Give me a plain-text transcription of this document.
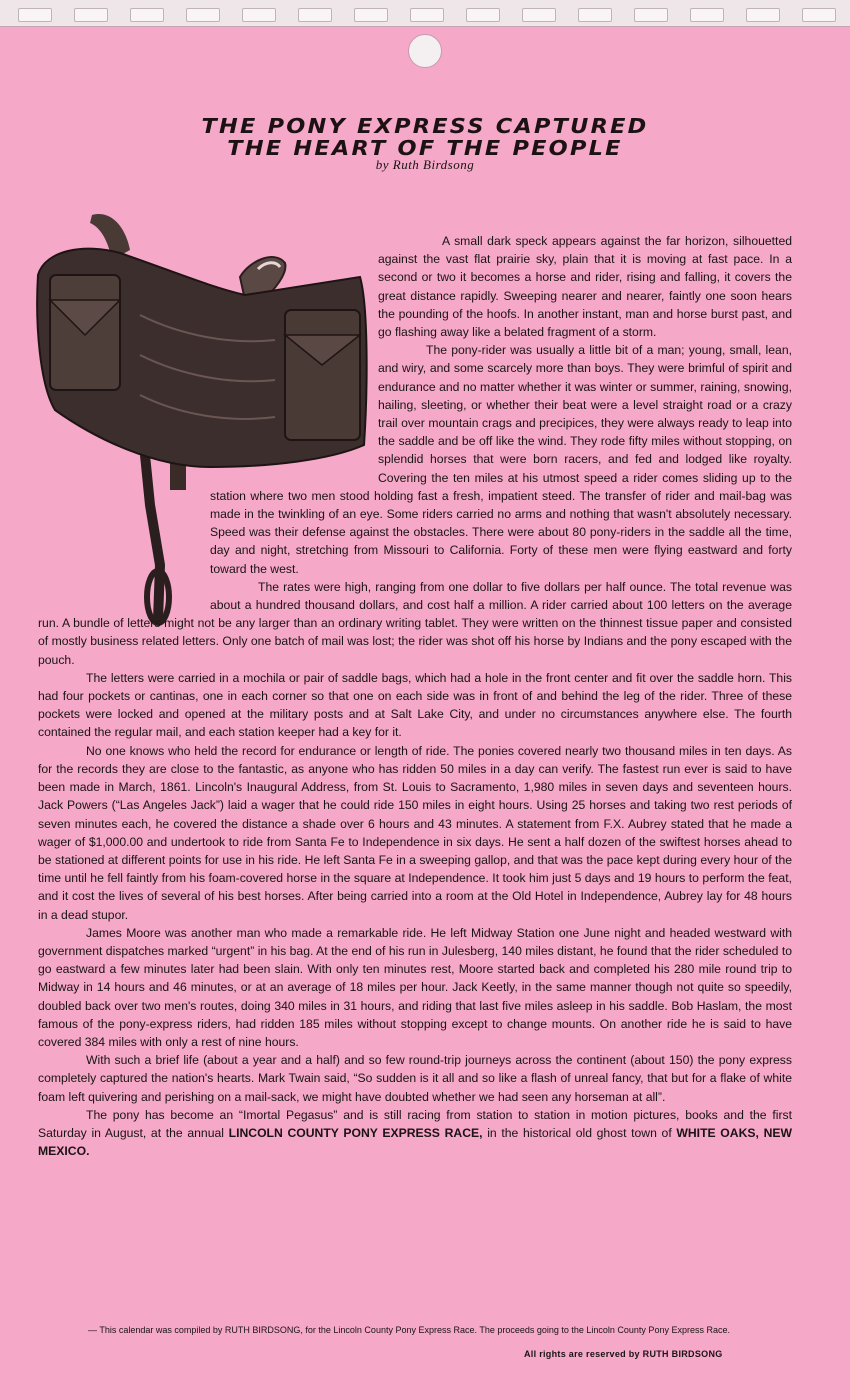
THE PONY EXPRESS CAPTURED
THE HEART OF THE PEOPLE
by Ruth Birdsong

A small dark speck appears against the far horizon, silhouetted against the vast flat prairie sky, plain that it is moving at fast pace. In a second or two it becomes a horse and rider, rising and falling, it covers the great distance rapidly. Sweeping nearer and nearer, faintly one soon hears the pounding of the hoofs. In another instant, man and horse burst past, and go flashing away like a belated fragment of a storm.

The pony-rider was usually a little bit of a man; young, small, lean, and wiry, and some scarcely more than boys. They were brimful of spirit and endurance and no matter whether it was winter or summer, raining, snowing, hailing, sleeting, or whether their beat were a level straight road or a crazy trail over mountain crags and precipices, they were always ready to leap into the saddle and be off like the wind. They rode fifty miles without stopping, on splendid horses that were born racers, and fed and lodged like royalty. Covering the ten miles at his utmost speed a rider comes sliding up to the station where two men stood holding fast a fresh, impatient steed. The transfer of rider and mail-bag was made in the twinkling of an eye. Some riders carried no arms and nothing that wasn't absolutely necessary. Speed was their defense against the obstacles. There were about 80 pony-riders in the saddle all the time, day and night, stretching from Missouri to California. Forty of these men were flying eastward and forty toward the west.

The rates were high, ranging from one dollar to five dollars per half ounce. The total revenue was about a hundred thousand dollars, and cost half a million. A rider carried about 100 letters on the average run. A bundle of letters might not be any larger than an ordinary writing tablet. They were written on the thinnest tissue paper and consisted of mostly business related letters. Only one batch of mail was lost; the rider was shot off his horse by Indians and the pony escaped with the pouch.

The letters were carried in a mochila or pair of saddle bags, which had a hole in the front center and fit over the saddle horn. This had four pockets or cantinas, one in each corner so that one on each side was in front of and behind the leg of the rider. Three of these pockets were locked and opened at the military posts and at Salt Lake City, and under no circumstances anywhere else. The fourth contained the regular mail, and each station keeper had a key for it.

No one knows who held the record for endurance or length of ride. The ponies covered nearly two thousand miles in ten days. As for the records they are close to the fantastic, as anyone who has ridden 50 miles in a day can verify. The fastest run ever is said to have been made in March, 1861. Lincoln's Inaugural Address, from St. Louis to Sacramento, 1,980 miles in seven days and seventeen hours. Jack Powers (“Las Angeles Jack”) laid a wager that he could ride 150 miles in eight hours. Using 25 horses and taking two rest periods of seven minutes each, he covered the distance a shade over 6 hours and 43 minutes. A statement from F.X. Aubrey stated that he made a wager of $1,000.00 and undertook to ride from Santa Fe to Independence in six days. He sent a half dozen of the swiftest horses ahead to be stationed at different points for use in his ride. He left Santa Fe in a sweeping gallop, and that was the pace kept during every hour of the time until he fell faintly from his foam-covered horse in the square at Independence. It took him just 5 days and 19 hours to perform the feat, and it cost the lives of several of his best horses. After being carried into a room at the Old Hotel in Independence, Aubrey lay for 48 hours in a dead stupor.

James Moore was another man who made a remarkable ride. He left Midway Station one June night and headed westward with government dispatches marked “urgent” in his bag. At the end of his run in Julesberg, 140 miles distant, he found that the rider scheduled to go eastward a few minutes later had been slain. With only ten minutes rest, Moore started back and completed his 280 mile round trip to Midway in 14 hours and 46 minutes, or at an average of 18 miles per hour. Jack Keetly, in the same manner though not quite so speedily, doubled back over two men's routes, doing 340 miles in 31 hours, and riding that last five miles asleep in his saddle. Bob Haslam, the most famous of the pony-express riders, had ridden 185 miles without stopping except to change mounts. On another ride he is said to have covered 384 miles with only a rest of nine hours.

With such a brief life (about a year and a half) and so few round-trip journeys across the continent (about 150) the pony express completely captured the nation's hearts. Mark Twain said, “So sudden is it all and so like a flash of unreal fancy, that but for a flake of white foam left quivering and perishing on a mail-sack, we might have doubted whether we had seen any horseman at all”.

The pony has become an “Imortal Pegasus” and is still racing from station to station in motion pictures, books and the first Saturday in August, at the annual LINCOLN COUNTY PONY EXPRESS RACE, in the historical old ghost town of WHITE OAKS, NEW MEXICO.

— This calendar was compiled by RUTH BIRDSONG, for the Lincoln County Pony Express Race. The proceeds going to the Lincoln County Pony Express Race.
All rights are reserved by RUTH BIRDSONG
